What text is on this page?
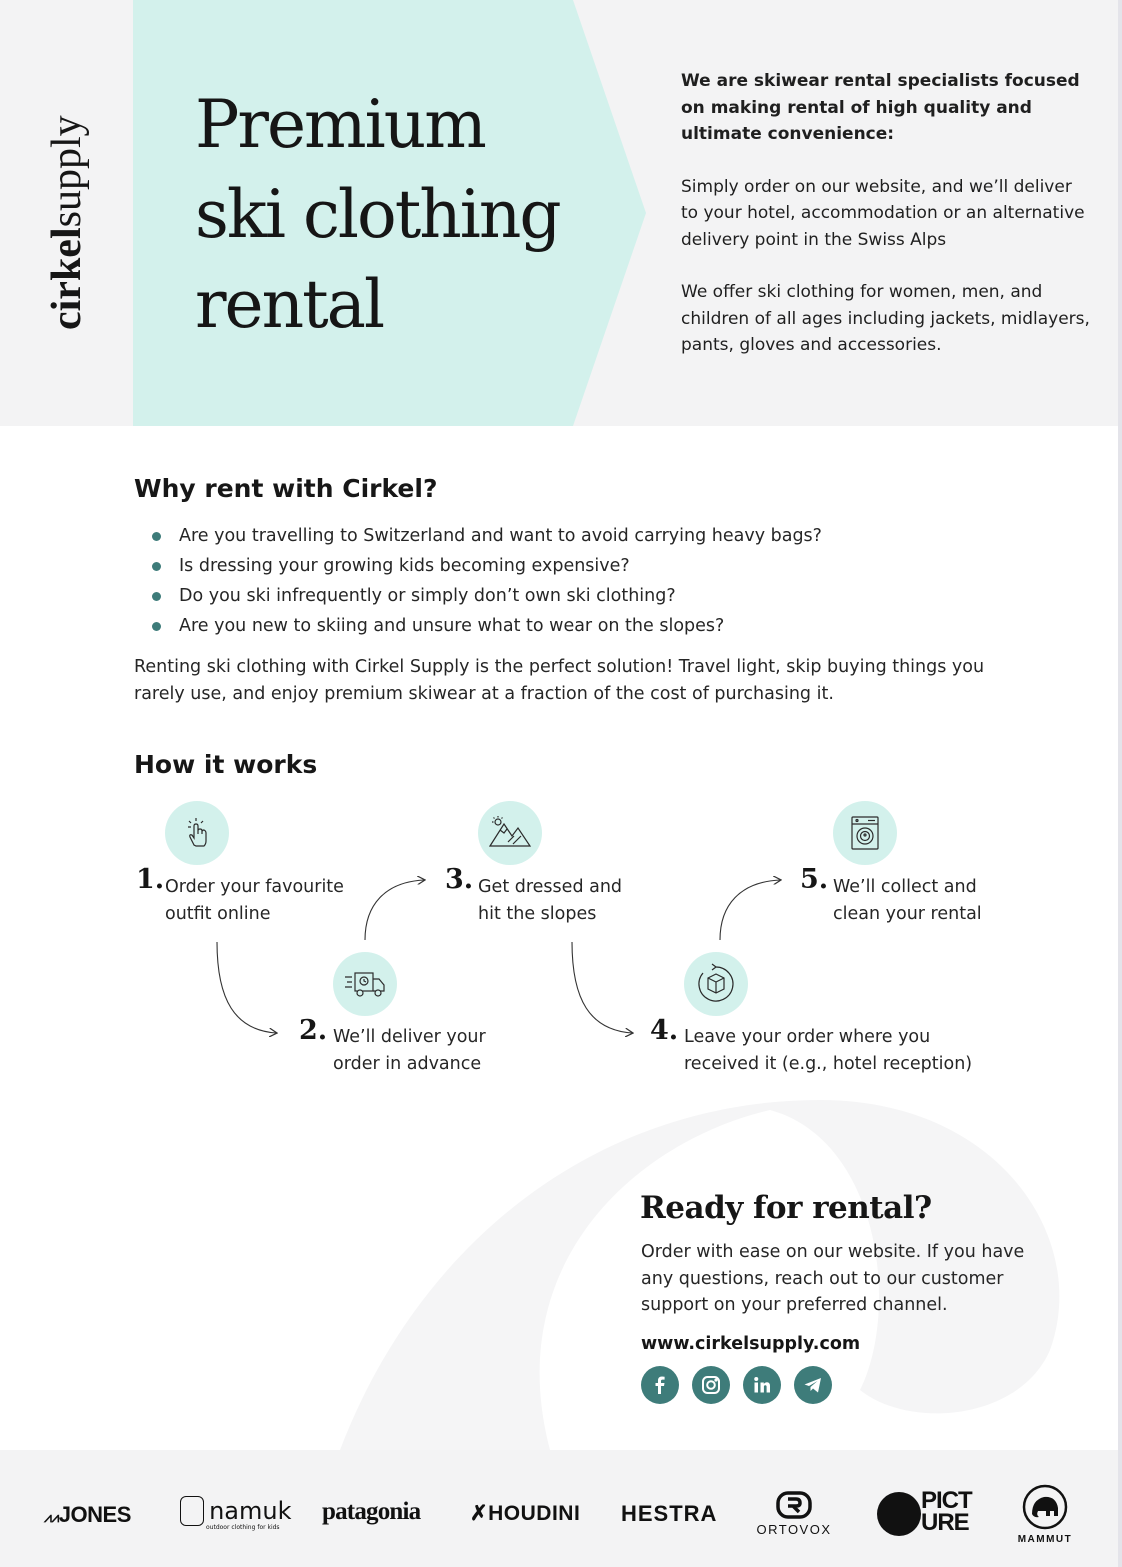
cirkelsupply Premium
ski clothing
rental

We are skiwear rental specialists focused on making rental of high quality and ultimate convenience:

Simply order on our website, and we’ll deliver to your hotel, accommodation or an alternative delivery point in the Swiss Alps

We offer ski clothing for women, men, and children of all ages including jackets, midlayers, pants, gloves and accessories.

Why rent with Cirkel?
Are you travelling to Switzerland and want to avoid carrying heavy bags?
Is dressing your growing kids becoming expensive?
Do you ski infrequently or simply don’t own ski clothing?
Are you new to skiing and unsure what to wear on the slopes?
Renting ski clothing with Cirkel Supply is the perfect solution! Travel light, skip buying things you rarely use, and enjoy premium skiwear at a fraction of the cost of purchasing it.
How it works
1. Order your favourite
outfit online
2. We’ll deliver your
order in advance
3. Get dressed and
hit the slopes
4. Leave your order where you
received it (e.g., hotel reception)
5. We’ll collect and
clean your rental
Ready for rental?
Order with ease on our website. If you have any questions, reach out to our customer support on your preferred channel.
www.cirkelsupply.com
⩘⩘JONES	namuk
outdoor clothing for kids
patagonia ✗HOUDINI HESTRA
ORTOVOX
PICT
URE
MAMMUT
